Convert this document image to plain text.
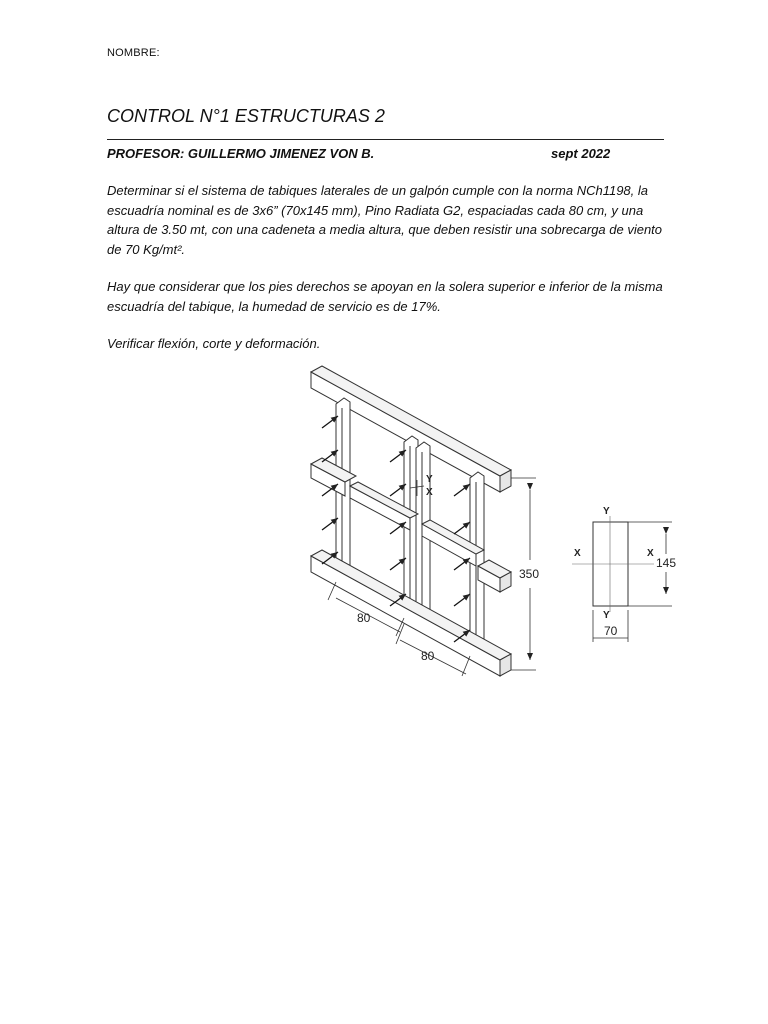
NOMBRE:
CONTROL N°1 ESTRUCTURAS 2
PROFESOR: GUILLERMO JIMENEZ VON B.	sept 2022

Determinar si el sistema de tabiques laterales de un galpón cumple con la norma NCh1198, la escuadría nominal es de 3x6” (70x145 mm), Pino Radiata G2, espaciadas cada 80 cm, y una altura de 3.50 mt, con una cadeneta a media altura, que deben resistir una sobrecarga de viento de 70 Kg/mt².

Hay que considerar que los pies derechos se apoyan en la solera superior e inferior de la misma escuadría del tabique, la humedad de servicio es de 17%.

Verificar flexión, corte y deformación.

Y
X
350
80
80
Y
Y
X	X
145
70
